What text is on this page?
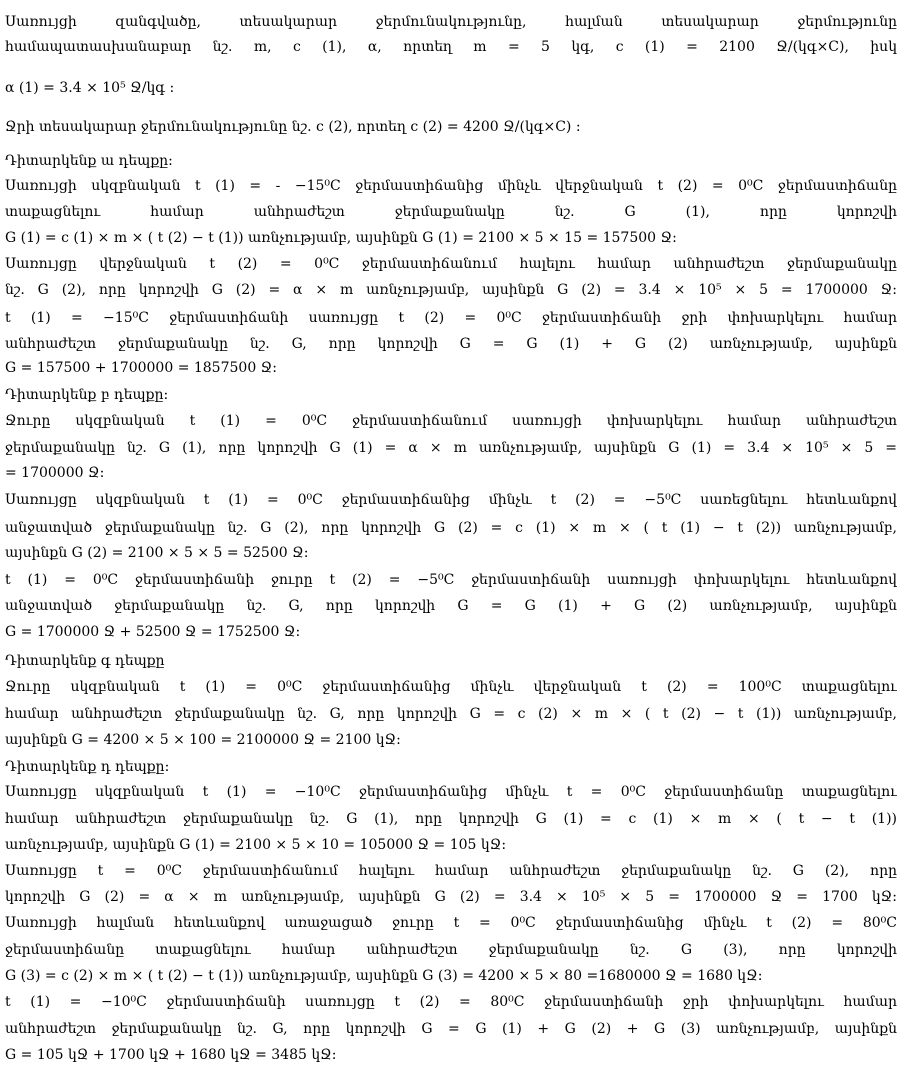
Սառույցի զանգվածը, տեսակարար ջերմունակությունը, հալման տեսակարար ջերմությունը
համապատասխանաբար նշ. m, c (1), α, որտեղ m = 5 կգ, c (1) = 2100 Ջ/(կգ×C), իսկ
α (1) = 3.4 × 10⁵ Ջ/կգ :
Ջրի տեսակարար ջերմունակությունը նշ. c (2), որտեղ c (2) = 4200 Ջ/(կգ×C) :
Դիտարկենք ա դեպքը:
Սառույցի սկզբնական t (1) = - −15⁰C ջերմաստիճանից մինչև վերջնական t (2) = 0⁰C ջերմաստիճանը
տաքացնելու համար անհրաժեշտ ջերմաքանակը նշ. G (1), որը կորոշվի
G (1) = c (1) × m × ( t (2) − t (1)) առնչությամբ, այսինքն G (1) = 2100 × 5 × 15 = 157500 Ջ:
Սառույցը վերջնական t (2) = 0⁰C ջերմաստիճանում հալելու համար անհրաժեշտ ջերմաքանակը
նշ. G (2), որը կորոշվի G (2) = α × m առնչությամբ, այսինքն G (2) = 3.4 × 10⁵ × 5 = 1700000 Ջ:
t (1) = −15⁰C ջերմաստիճանի սառույցը t (2) = 0⁰C ջերմաստիճանի ջրի փոխարկելու համար
անհրաժեշտ ջերմաքանակը նշ. G, որը կորոշվի G = G (1) + G (2) առնչությամբ, այսինքն
G = 157500 + 1700000 = 1857500 Ջ:
Դիտարկենք բ դեպքը:
Ջուրը սկզբնական t (1) = 0⁰C ջերմաստիճանում սառույցի փոխարկելու համար անհրաժեշտ
ջերմաքանակը նշ. G (1), որը կորոշվի G (1) = α × m առնչությամբ, այսինքն G (1) = 3.4 × 10⁵ × 5 =
= 1700000 Ջ:
Սառույցը սկզբնական t (1) = 0⁰C ջերմաստիճանից մինչև t (2) = −5⁰C սառեցնելու հետևանքով
անջատված ջերմաքանակը նշ. G (2), որը կորոշվի G (2) = c (1) × m × ( t (1) − t (2)) առնչությամբ,
այսինքն G (2) = 2100 × 5 × 5 = 52500 Ջ:
t (1) = 0⁰C ջերմաստիճանի ջուրը t (2) = −5⁰C ջերմաստիճանի սառույցի փոխարկելու հետևանքով
անջատված ջերմաքանակը նշ. G, որը կորոշվի G = G (1) + G (2) առնչությամբ, այսինքն
G = 1700000 Ջ + 52500 Ջ = 1752500 Ջ:
Դիտարկենք գ դեպքը
Ջուրը սկզբնական t (1) = 0⁰C ջերմաստիճանից մինչև վերջնական t (2) = 100⁰C տաքացնելու
համար անհրաժեշտ ջերմաքանակը նշ. G, որը կորոշվի G = c (2) × m × ( t (2) − t (1)) առնչությամբ,
այսինքն G = 4200 × 5 × 100 = 2100000 Ջ = 2100 կՋ:
Դիտարկենք դ դեպքը:
Սառույցը սկզբնական t (1) = −10⁰C ջերմաստիճանից մինչև t = 0⁰C ջերմաստիճանը տաքացնելու
համար անհրաժեշտ ջերմաքանակը նշ. G (1), որը կորոշվի G (1) = c (1) × m × ( t − t (1))
առնչությամբ, այսինքն G (1) = 2100 × 5 × 10 = 105000 Ջ = 105 կՋ:
Սառույցը t = 0⁰C ջերմաստիճանում հալելու համար անհրաժեշտ ջերմաքանակը նշ. G (2), որը
կորոշվի G (2) = α × m առնչությամբ, այսինքն G (2) = 3.4 × 10⁵ × 5 = 1700000 Ջ = 1700 կՋ:
Սառույցի հալման հետևանքով առաջացած ջուրը t = 0⁰C ջերմաստիճանից մինչև t (2) = 80⁰C
ջերմաստիճանը տաքացնելու համար անհրաժեշտ ջերմաքանակը նշ. G (3), որը կորոշվի
G (3) = c (2) × m × ( t (2) − t (1)) առնչությամբ, այսինքն G (3) = 4200 × 5 × 80 =1680000 Ջ = 1680 կՋ:
t (1) = −10⁰C ջերմաստիճանի սառույցը t (2) = 80⁰C ջերմաստիճանի ջրի փոխարկելու համար
անհրաժեշտ ջերմաքանակը նշ. G, որը կորոշվի G = G (1) + G (2) + G (3) առնչությամբ, այսինքն
G = 105 կՋ + 1700 կՋ + 1680 կՋ = 3485 կՋ:
